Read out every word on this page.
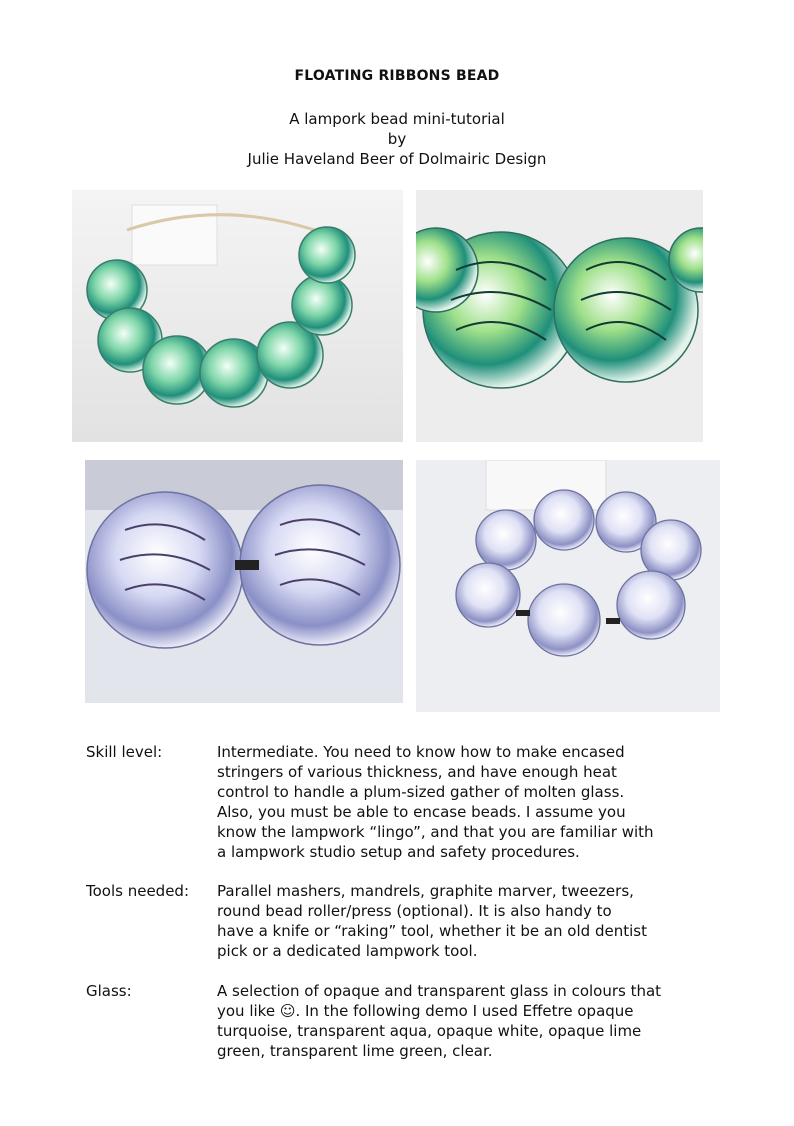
FLOATING RIBBONS BEAD
A lampork bead mini-tutorial
by
Julie Haveland Beer of Dolmairic Design
Skill level:	Intermediate. You need to know how to make encased
stringers of various thickness, and have enough heat
control to handle a plum-sized gather of molten glass.
Also, you must be able to encase beads. I assume you
know the lampwork “lingo”, and that you are familiar with
a lampwork studio setup and safety procedures.
Tools needed: Parallel mashers, mandrels, graphite marver, tweezers,
round bead roller/press (optional). It is also handy to
have a knife or “raking” tool, whether it be an old dentist
pick or a dedicated lampwork tool.
Glass:	A selection of opaque and transparent glass in colours that
you like ☺. In the following demo I used Effetre opaque
turquoise, transparent aqua, opaque white, opaque lime
green, transparent lime green, clear.
